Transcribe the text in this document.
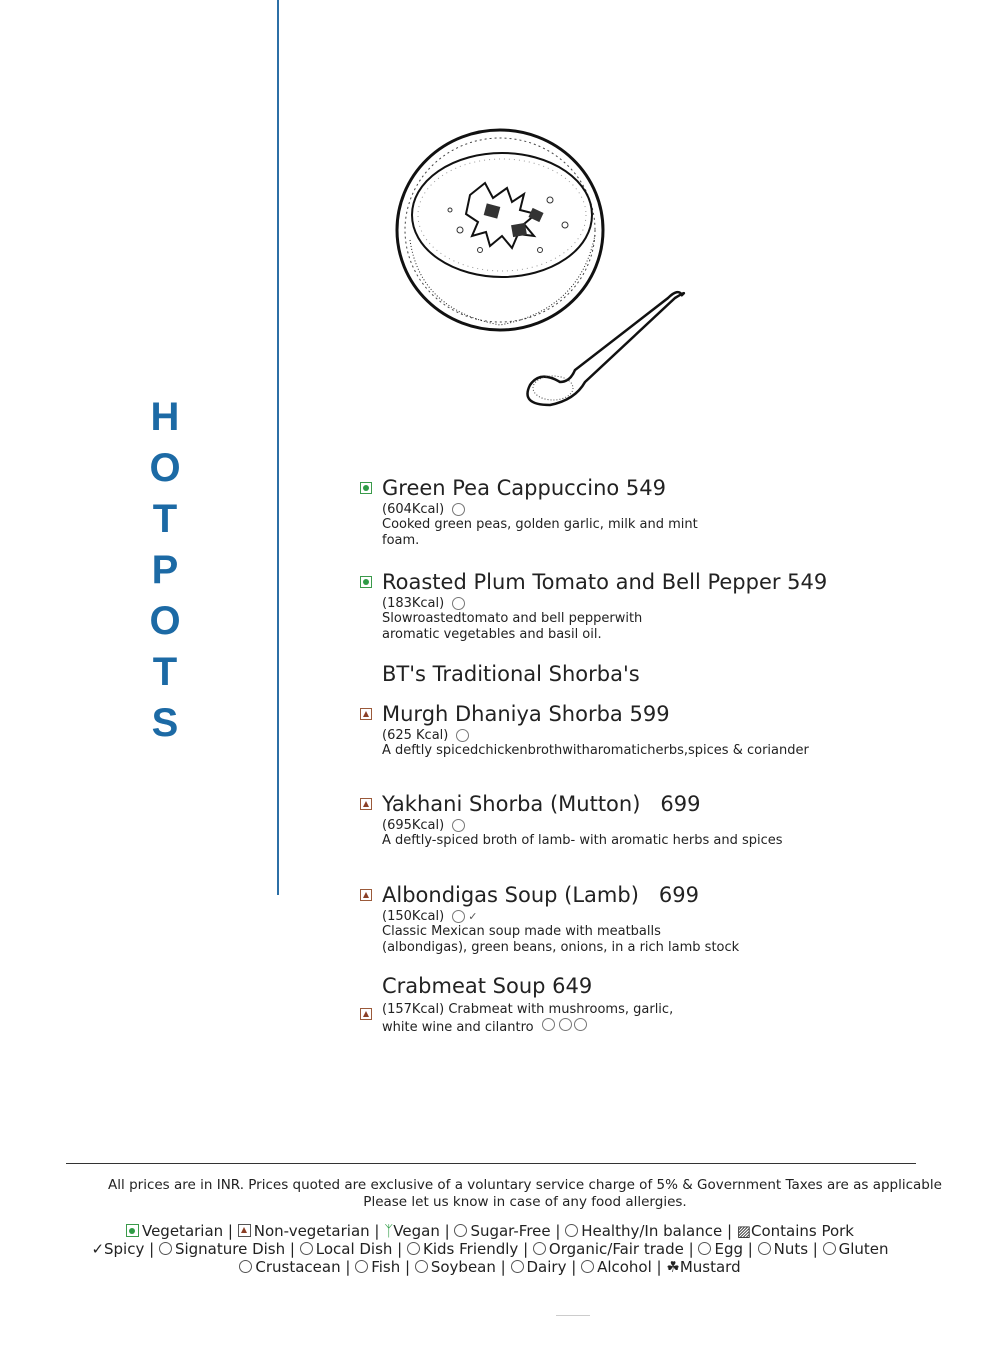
H
O
T
P
O
T
S
Green Pea Cappuccino 549
(604Kcal)
Cooked green peas, golden garlic, milk and mint
foam.
Roasted Plum Tomato and Bell Pepper 549
(183Kcal)
Slowroastedtomato and bell pepperwith
aromatic vegetables and basil oil.
BT's Traditional Shorba's
Murgh Dhaniya Shorba 599
(625 Kcal)
A deftly spicedchickenbrothwitharomaticherbs,spices & coriander
Yakhani Shorba (Mutton)   699
(695Kcal)
A deftly-spiced broth of lamb- with aromatic herbs and spices
Albondigas Soup (Lamb)   699
(150Kcal) ✓
Classic Mexican soup made with meatballs
(albondigas), green beans, onions, in a rich lamb stock
Crabmeat Soup 649
(157Kcal) Crabmeat with mushrooms, garlic,
white wine and cilantro
All prices are in INR. Prices quoted are exclusive of a voluntary service charge of 5% & Government Taxes are as applicable
Please let us know in case of any food allergies.
Vegetarian | Non-vegetarian | ᛉVegan | Sugar-Free | Healthy/In balance | ▨Contains Pork
✓Spicy | Signature Dish | Local Dish | Kids Friendly | Organic/Fair trade | Egg | Nuts | Gluten
Crustacean | Fish | Soybean | Dairy | Alcohol | ☘Mustard
